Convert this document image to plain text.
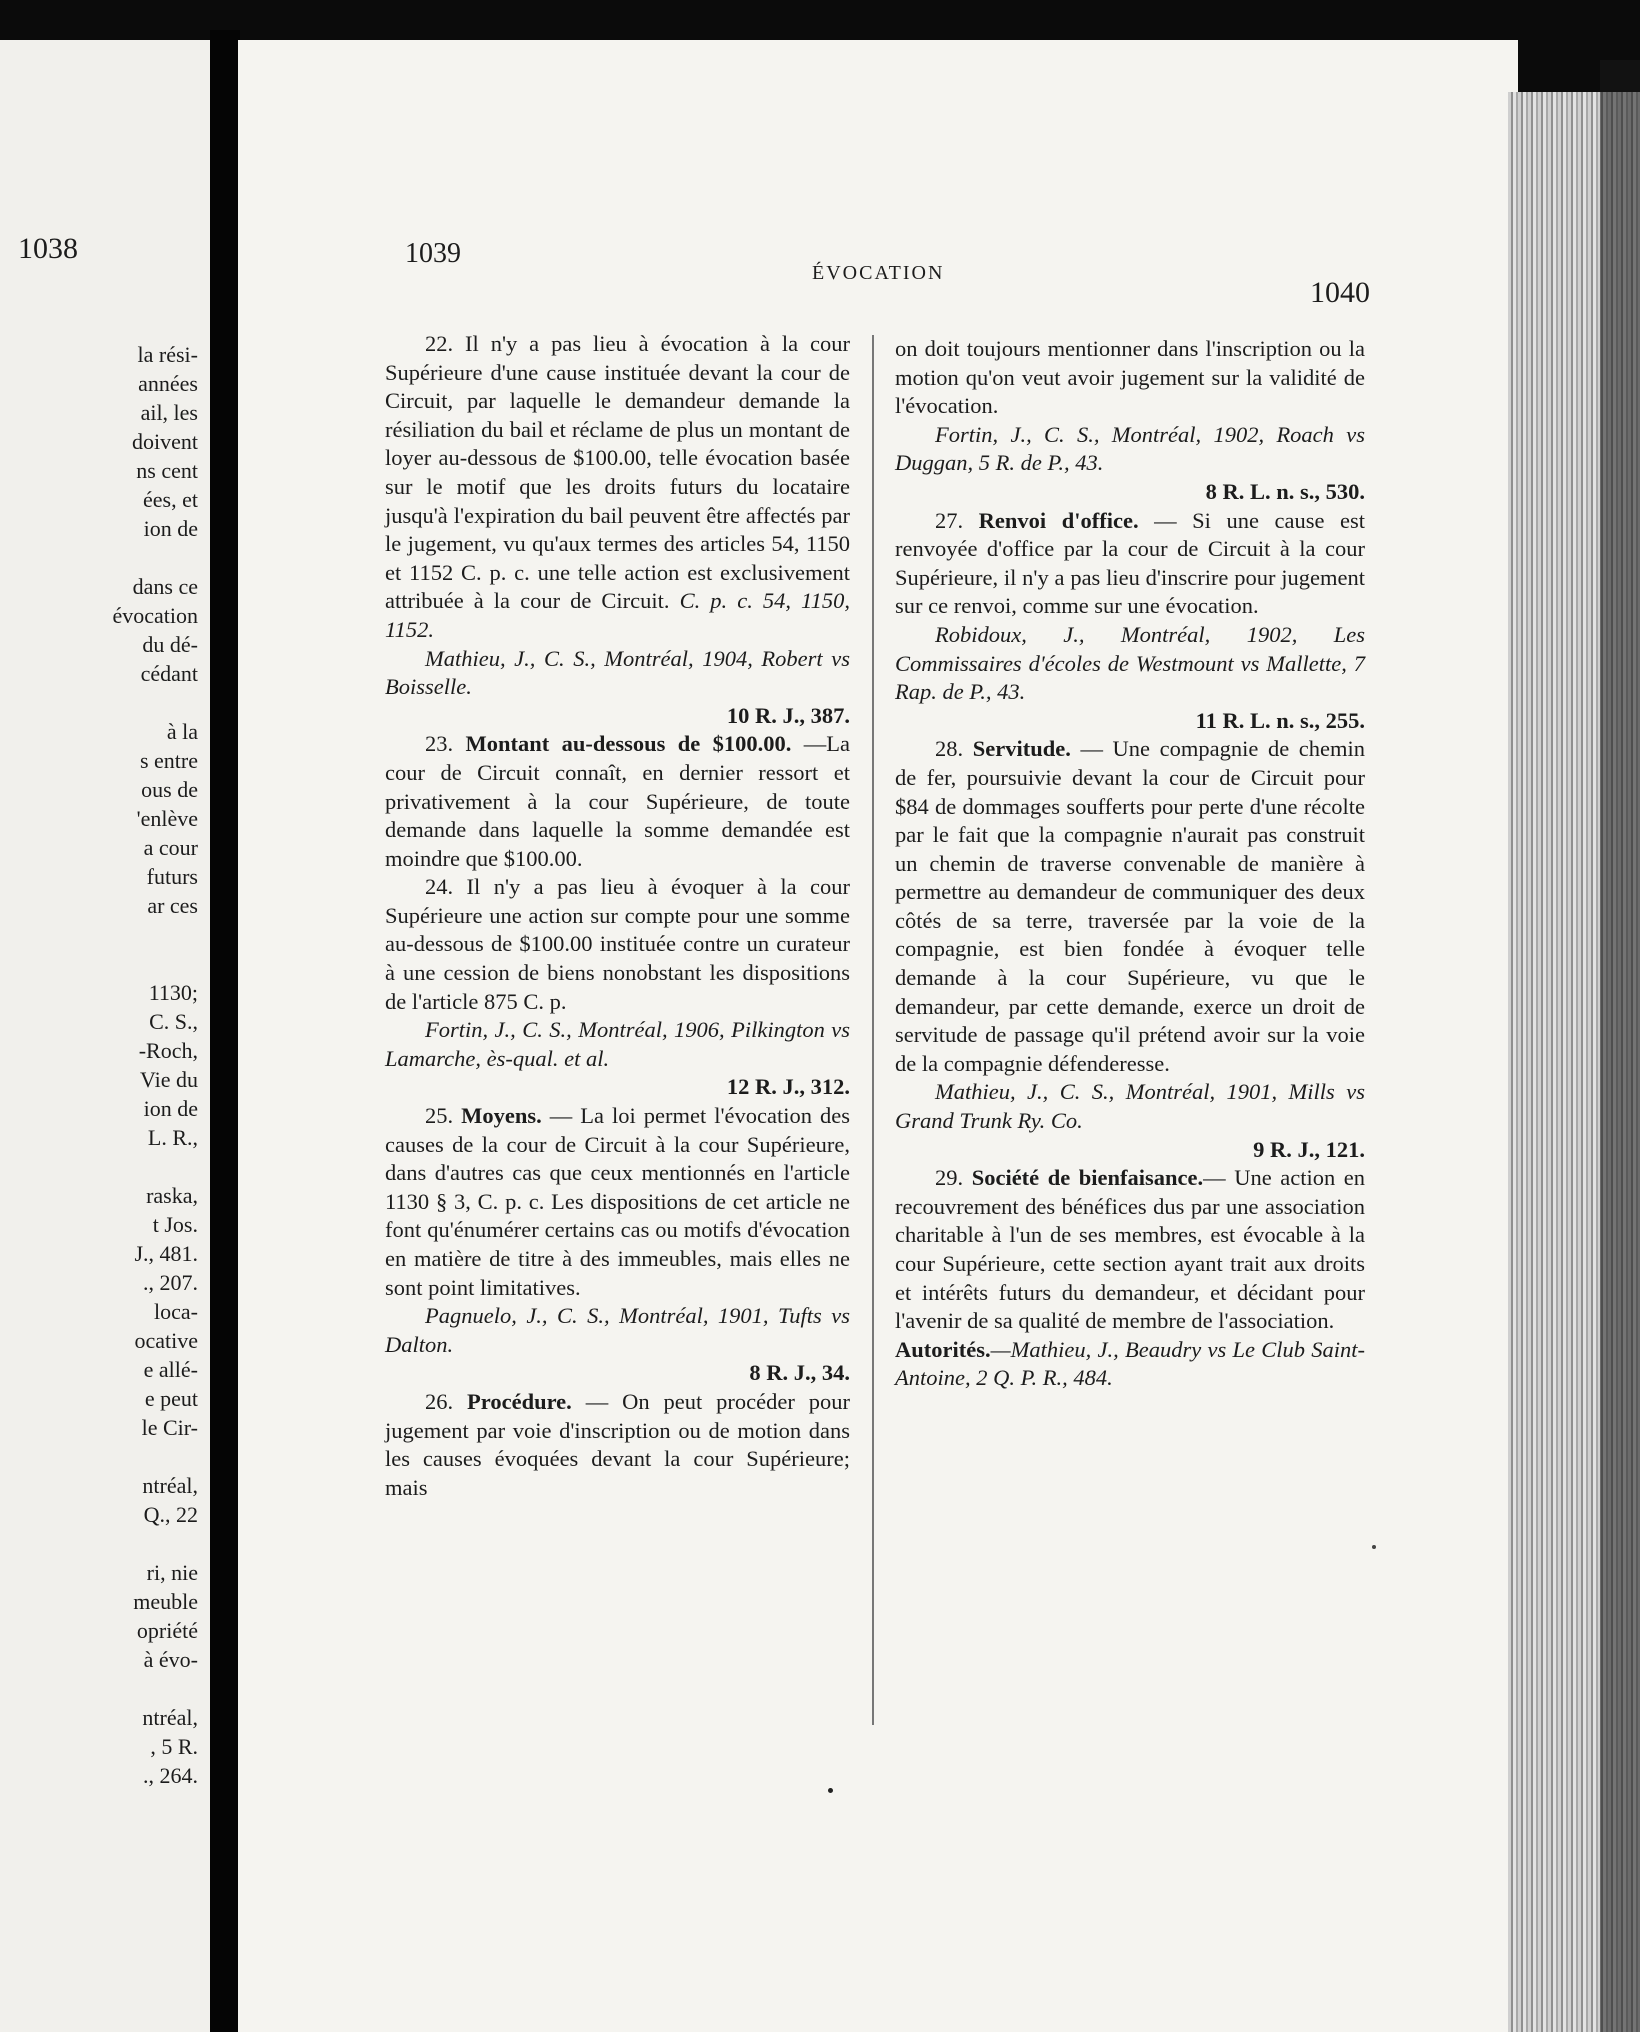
1038
la rési-
années
ail, les
doivent
ns cent
ées, et
ion de
dans ce
évocation
du dé-
cédant
à la
s entre
ous de
'enlève
a cour
futurs
ar ces
1130;
C. S.,
-Roch,
Vie du
ion de
L. R.,
raska,
t Jos.
J., 481.
., 207.
loca-
ocative
e allé-
e peut
le Cir-
ntréal,
Q., 22
ri, nie
meuble
opriété
à évo-
ntréal,
, 5 R.
., 264.
1039
ÉVOCATION
1040

22. Il n'y a pas lieu à évocation à la cour Supérieure d'une cause instituée devant la cour de Circuit, par laquelle le demandeur demande la résiliation du bail et réclame de plus un montant de loyer au-dessous de $100.00, telle évocation basée sur le motif que les droits futurs du locataire jusqu'à l'expiration du bail peuvent être affectés par le jugement, vu qu'aux termes des articles 54, 1150 et 1152 C. p. c. une telle action est exclusivement attribuée à la cour de Circuit. C. p. c. 54, 1150, 1152.

Mathieu, J., C. S., Montréal, 1904, Robert vs Boisselle.

10 R. J., 387.

23. Montant au-dessous de $100.00. —La cour de Circuit connaît, en dernier ressort et privativement à la cour Supérieure, de toute demande dans laquelle la somme demandée est moindre que $100.00.

24. Il n'y a pas lieu à évoquer à la cour Supérieure une action sur compte pour une somme au-dessous de $100.00 instituée contre un curateur à une cession de biens nonobstant les dispositions de l'article 875 C. p.

Fortin, J., C. S., Montréal, 1906, Pilkington vs Lamarche, ès-qual. et al.

12 R. J., 312.

25. Moyens. — La loi permet l'évocation des causes de la cour de Circuit à la cour Supérieure, dans d'autres cas que ceux mentionnés en l'article 1130 § 3, C. p. c. Les dispositions de cet article ne font qu'énumérer certains cas ou motifs d'évocation en matière de titre à des immeubles, mais elles ne sont point limitatives.

Pagnuelo, J., C. S., Montréal, 1901, Tufts vs Dalton.

8 R. J., 34.

26. Procédure. — On peut procéder pour jugement par voie d'inscription ou de motion dans les causes évoquées devant la cour Supérieure; mais

on doit toujours mentionner dans l'inscription ou la motion qu'on veut avoir jugement sur la validité de l'évocation.

Fortin, J., C. S., Montréal, 1902, Roach vs Duggan, 5 R. de P., 43.

8 R. L. n. s., 530.

27. Renvoi d'office. — Si une cause est renvoyée d'office par la cour de Circuit à la cour Supérieure, il n'y a pas lieu d'inscrire pour jugement sur ce renvoi, comme sur une évocation.

Robidoux, J., Montréal, 1902, Les Commissaires d'écoles de Westmount vs Mallette, 7 Rap. de P., 43.

11 R. L. n. s., 255.

28. Servitude. — Une compagnie de chemin de fer, poursuivie devant la cour de Circuit pour $84 de dommages soufferts pour perte d'une récolte par le fait que la compagnie n'aurait pas construit un chemin de traverse convenable de manière à permettre au demandeur de communiquer des deux côtés de sa terre, traversée par la voie de la compagnie, est bien fondée à évoquer telle demande à la cour Supérieure, vu que le demandeur, par cette demande, exerce un droit de servitude de passage qu'il prétend avoir sur la voie de la compagnie défenderesse.

Mathieu, J., C. S., Montréal, 1901, Mills vs Grand Trunk Ry. Co.

9 R. J., 121.

29. Société de bienfaisance.— Une action en recouvrement des bénéfices dus par une association charitable à l'un de ses membres, est évocable à la cour Supérieure, cette section ayant trait aux droits et intérêts futurs du demandeur, et décidant pour l'avenir de sa qualité de membre de l'association.

Autorités.—Mathieu, J., Beaudry vs Le Club Saint-Antoine, 2 Q. P. R., 484.
